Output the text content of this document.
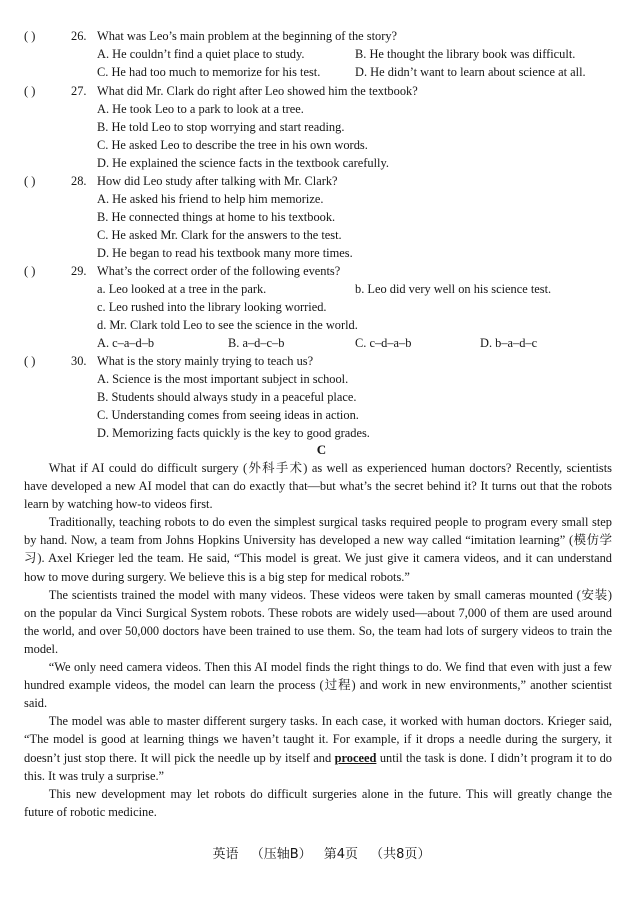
( )	26. What was Leo’s main problem at the beginning of the story?
A. He couldn’t find a quiet place to study.	B. He thought the library book was difficult.
C. He had too much to memorize for his test.	D. He didn’t want to learn about science at all.
( )	27. What did Mr. Clark do right after Leo showed him the textbook?
A. He took Leo to a park to look at a tree.
B. He told Leo to stop worrying and start reading.
C. He asked Leo to describe the tree in his own words.
D. He explained the science facts in the textbook carefully.
( )	28. How did Leo study after talking with Mr. Clark?
A. He asked his friend to help him memorize.
B. He connected things at home to his textbook.
C. He asked Mr. Clark for the answers to the test.
D. He began to read his textbook many more times.
( )	29. What’s the correct order of the following events?
a. Leo looked at a tree in the park.	b. Leo did very well on his science test.
c. Leo rushed into the library looking worried.
d. Mr. Clark told Leo to see the science in the world.
A. c–a–d–b	B. a–d–c–b	C. c–d–a–b	D. b–a–d–c
( )	30. What is the story mainly trying to teach us?
A. Science is the most important subject in school.
B. Students should always study in a peaceful place.
C. Understanding comes from seeing ideas in action.
D. Memorizing facts quickly is the key to good grades.
C

What if AI could do difficult surgery (外科手术) as well as experienced human doctors? Recently, scientists have developed a new AI model that can do exactly that—but what’s the secret behind it? It turns out that the robots learn by watching how-to videos first.

Traditionally, teaching robots to do even the simplest surgical tasks required people to program every small step by hand. Now, a team from Johns Hopkins University has developed a new way called “imitation learning” (模仿学习). Axel Krieger led the team. He said, “This model is great. We just give it camera videos, and it can understand how to move during surgery. We believe this is a big step for medical robots.”

The scientists trained the model with many videos. These videos were taken by small cameras mounted (安装) on the popular da Vinci Surgical System robots. These robots are widely used—about 7,000 of them are used around the world, and over 50,000 doctors have been trained to use them. So, the team had lots of surgery videos to train the model.

“We only need camera videos. Then this AI model finds the right things to do. We find that even with just a few hundred example videos, the model can learn the process (过程) and work in new environments,” another scientist said.

The model was able to master different surgery tasks. In each case, it worked with human doctors. Krieger said, “The model is good at learning things we haven’t taught it. For example, if it drops a needle during the surgery, it doesn’t just stop there. It will pick the needle up by itself and proceed until the task is done. I didn’t program it to do this. It was truly a surprise.”

This new development may let robots do difficult surgeries alone in the future. This will greatly change the future of robotic medicine.

英语 （压轴B） 第4页 （共8页）
